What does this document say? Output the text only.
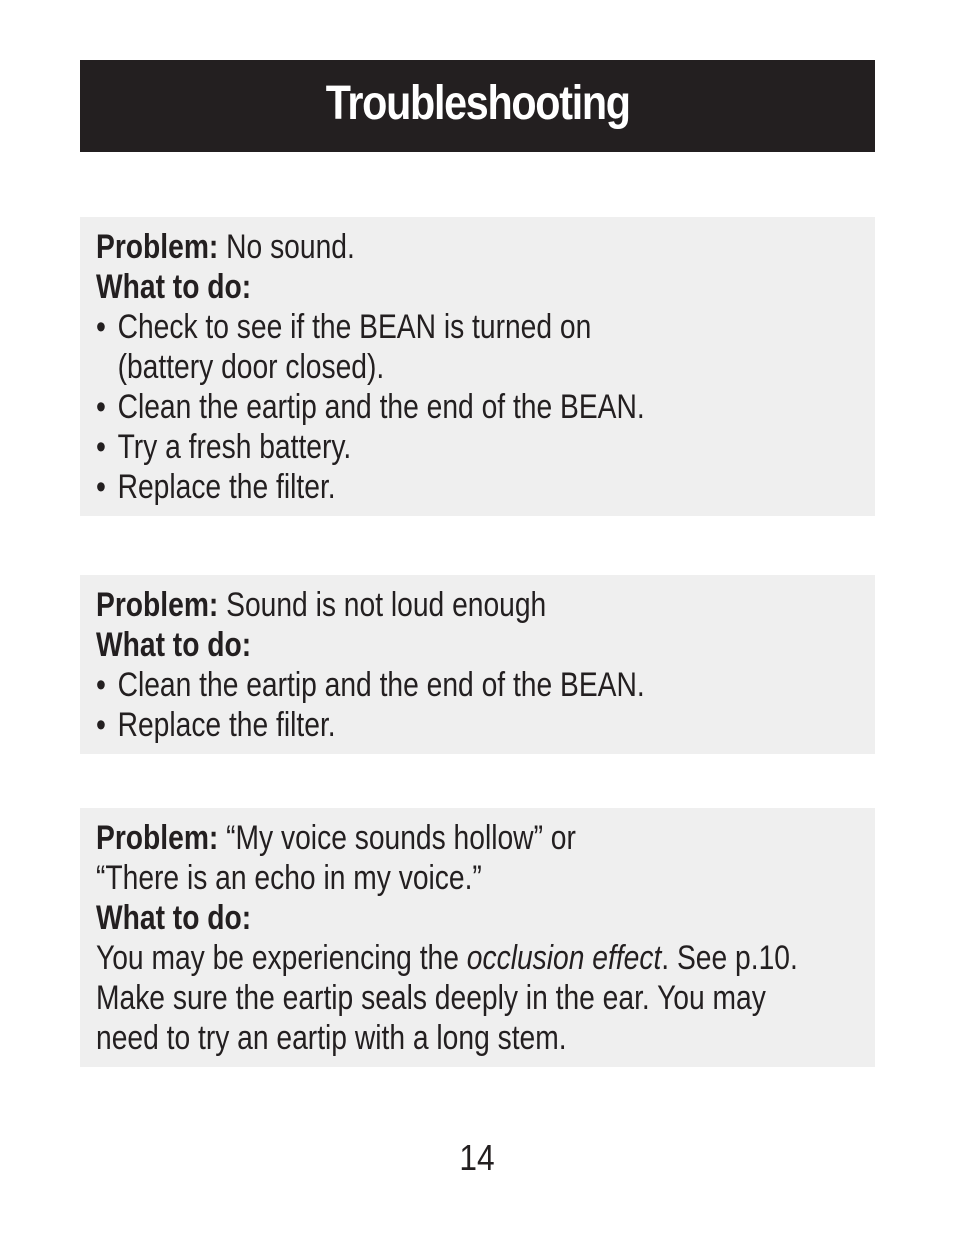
Troubleshooting
Problem: No sound.
What to do:
• Check to see if the BEAN is turned on
(battery door closed).
• Clean the eartip and the end of the BEAN.
• Try a fresh battery.
• Replace the filter.
Problem: Sound is not loud enough
What to do:
• Clean the eartip and the end of the BEAN.
• Replace the filter.
Problem: “My voice sounds hollow” or
“There is an echo in my voice.”
What to do:
You may be experiencing the occlusion effect. See p.10.
Make sure the eartip seals deeply in the ear. You may
need to try an eartip with a long stem.
14
